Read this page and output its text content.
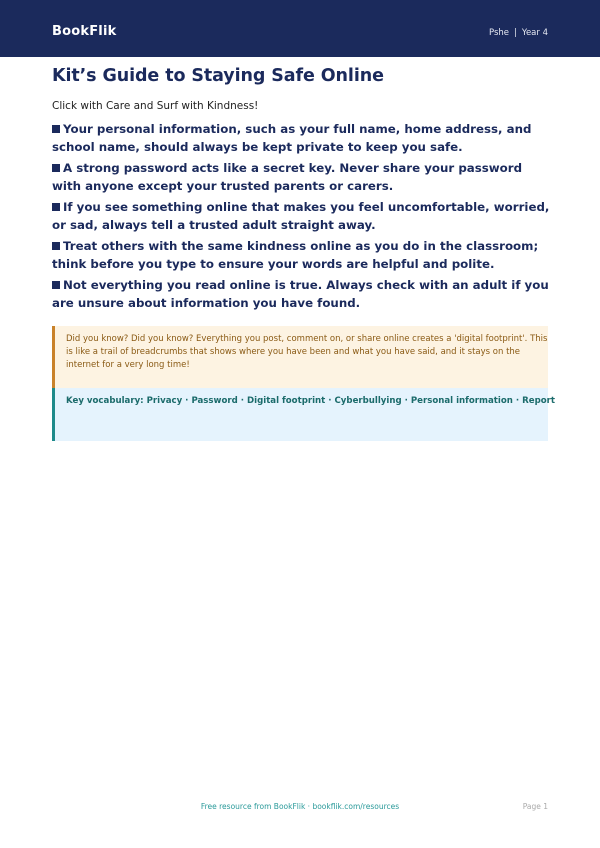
BookFlik	Pshe | Year 4
Kit’s Guide to Staying Safe Online
Click with Care and Surf with Kindness!
Your personal information, such as your full name, home address, and school name, should always be kept private to keep you safe.
A strong password acts like a secret key. Never share your password with anyone except your trusted parents or carers.
If you see something online that makes you feel uncomfortable, worried, or sad, always tell a trusted adult straight away.
Treat others with the same kindness online as you do in the classroom; think before you type to ensure your words are helpful and polite.
Not everything you read online is true. Always check with an adult if you are unsure about information you have found.
Did you know? Did you know? Everything you post, comment on, or share online creates a 'digital footprint'. This is like a trail of breadcrumbs that shows where you have been and what you have said, and it stays on the internet for a very long time!
Key vocabulary: Privacy · Password · Digital footprint · Cyberbullying · Personal information · Report
Free resource from BookFlik · bookflik.com/resources	Page 1
